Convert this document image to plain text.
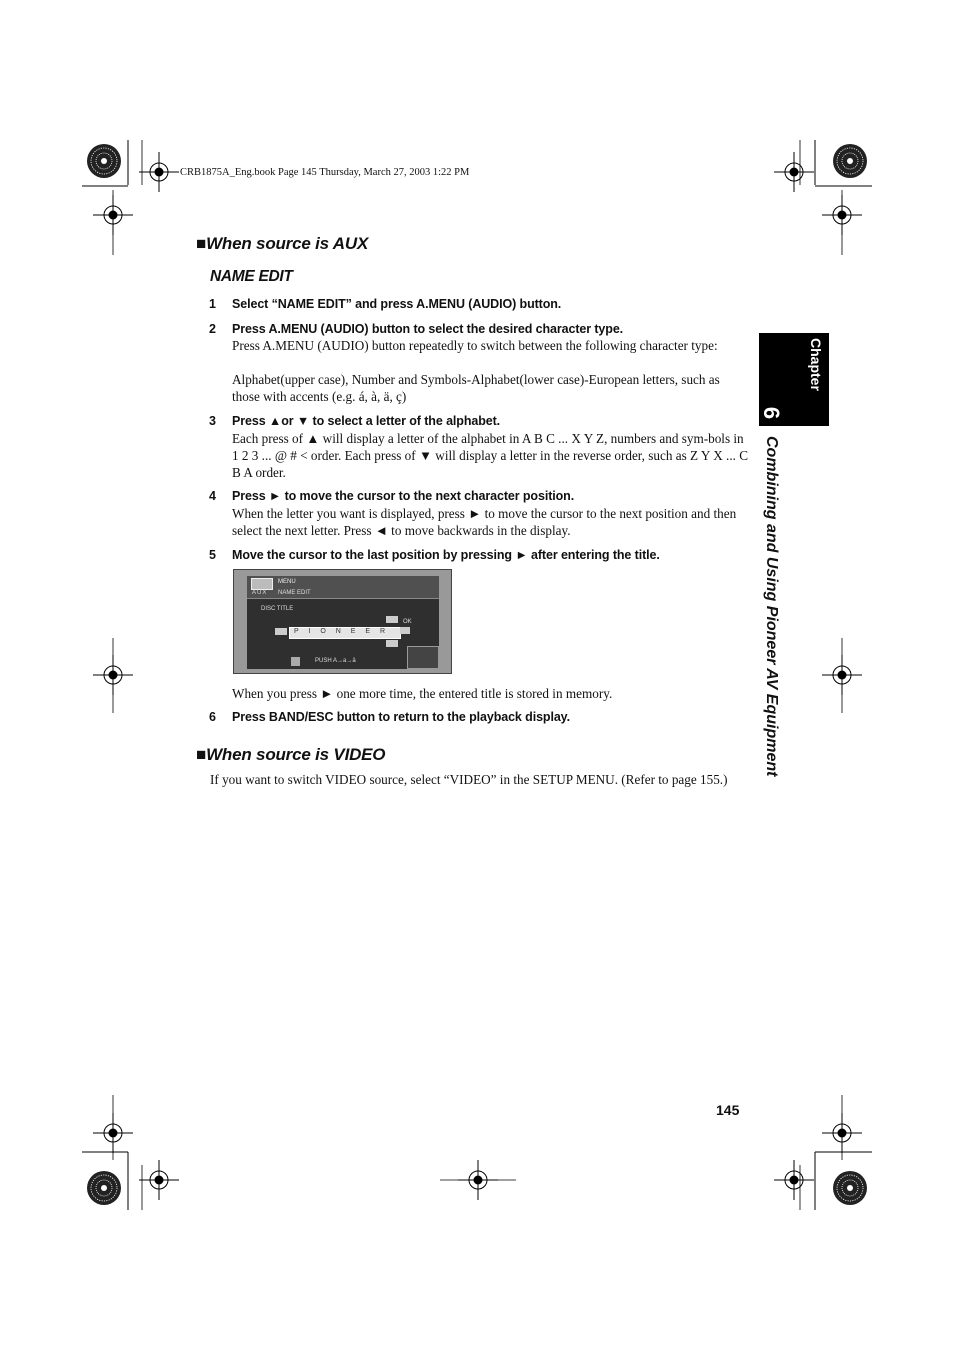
CRB1875A_Eng.book Page 145 Thursday, March 27, 2003 1:22 PM
■When source is AUX
NAME EDIT
1 Select “NAME EDIT” and press A.MENU (AUDIO) button.
2 Press A.MENU (AUDIO) button to select the desired character type.
Press A.MENU (AUDIO) button repeatedly to switch between the following character type:
Alphabet(upper case), Number and Symbols-Alphabet(lower case)-European letters, such as those with accents (e.g. á, à, ä, ç)
3 Press ▲or ▼ to select a letter of the alphabet.
Each press of ▲ will display a letter of the alphabet in A B C ... X Y Z, numbers and sym-bols in 1 2 3 ... @ # < order. Each press of ▼ will display a letter in the reverse order, such as Z Y X ... C B A order.
4 Press ► to move the cursor to the next character position.
When the letter you want is displayed, press ► to move the cursor to the next position and then select the next letter. Press ◄ to move backwards in the display.
5 Move the cursor to the last position by pressing ► after entering the title.
MENU
AUX NAME EDIT
DISC TITLE
P I O N E E R
OK
PUSH A→a→ä
When you press ► one more time, the entered title is stored in memory.
6 Press BAND/ESC button to return to the playback display.
■When source is VIDEO
If you want to switch VIDEO source, select “VIDEO” in the SETUP MENU. (Refer to page 155.)
Chapter
6
Combining and Using Pioneer AV Equipment
145
